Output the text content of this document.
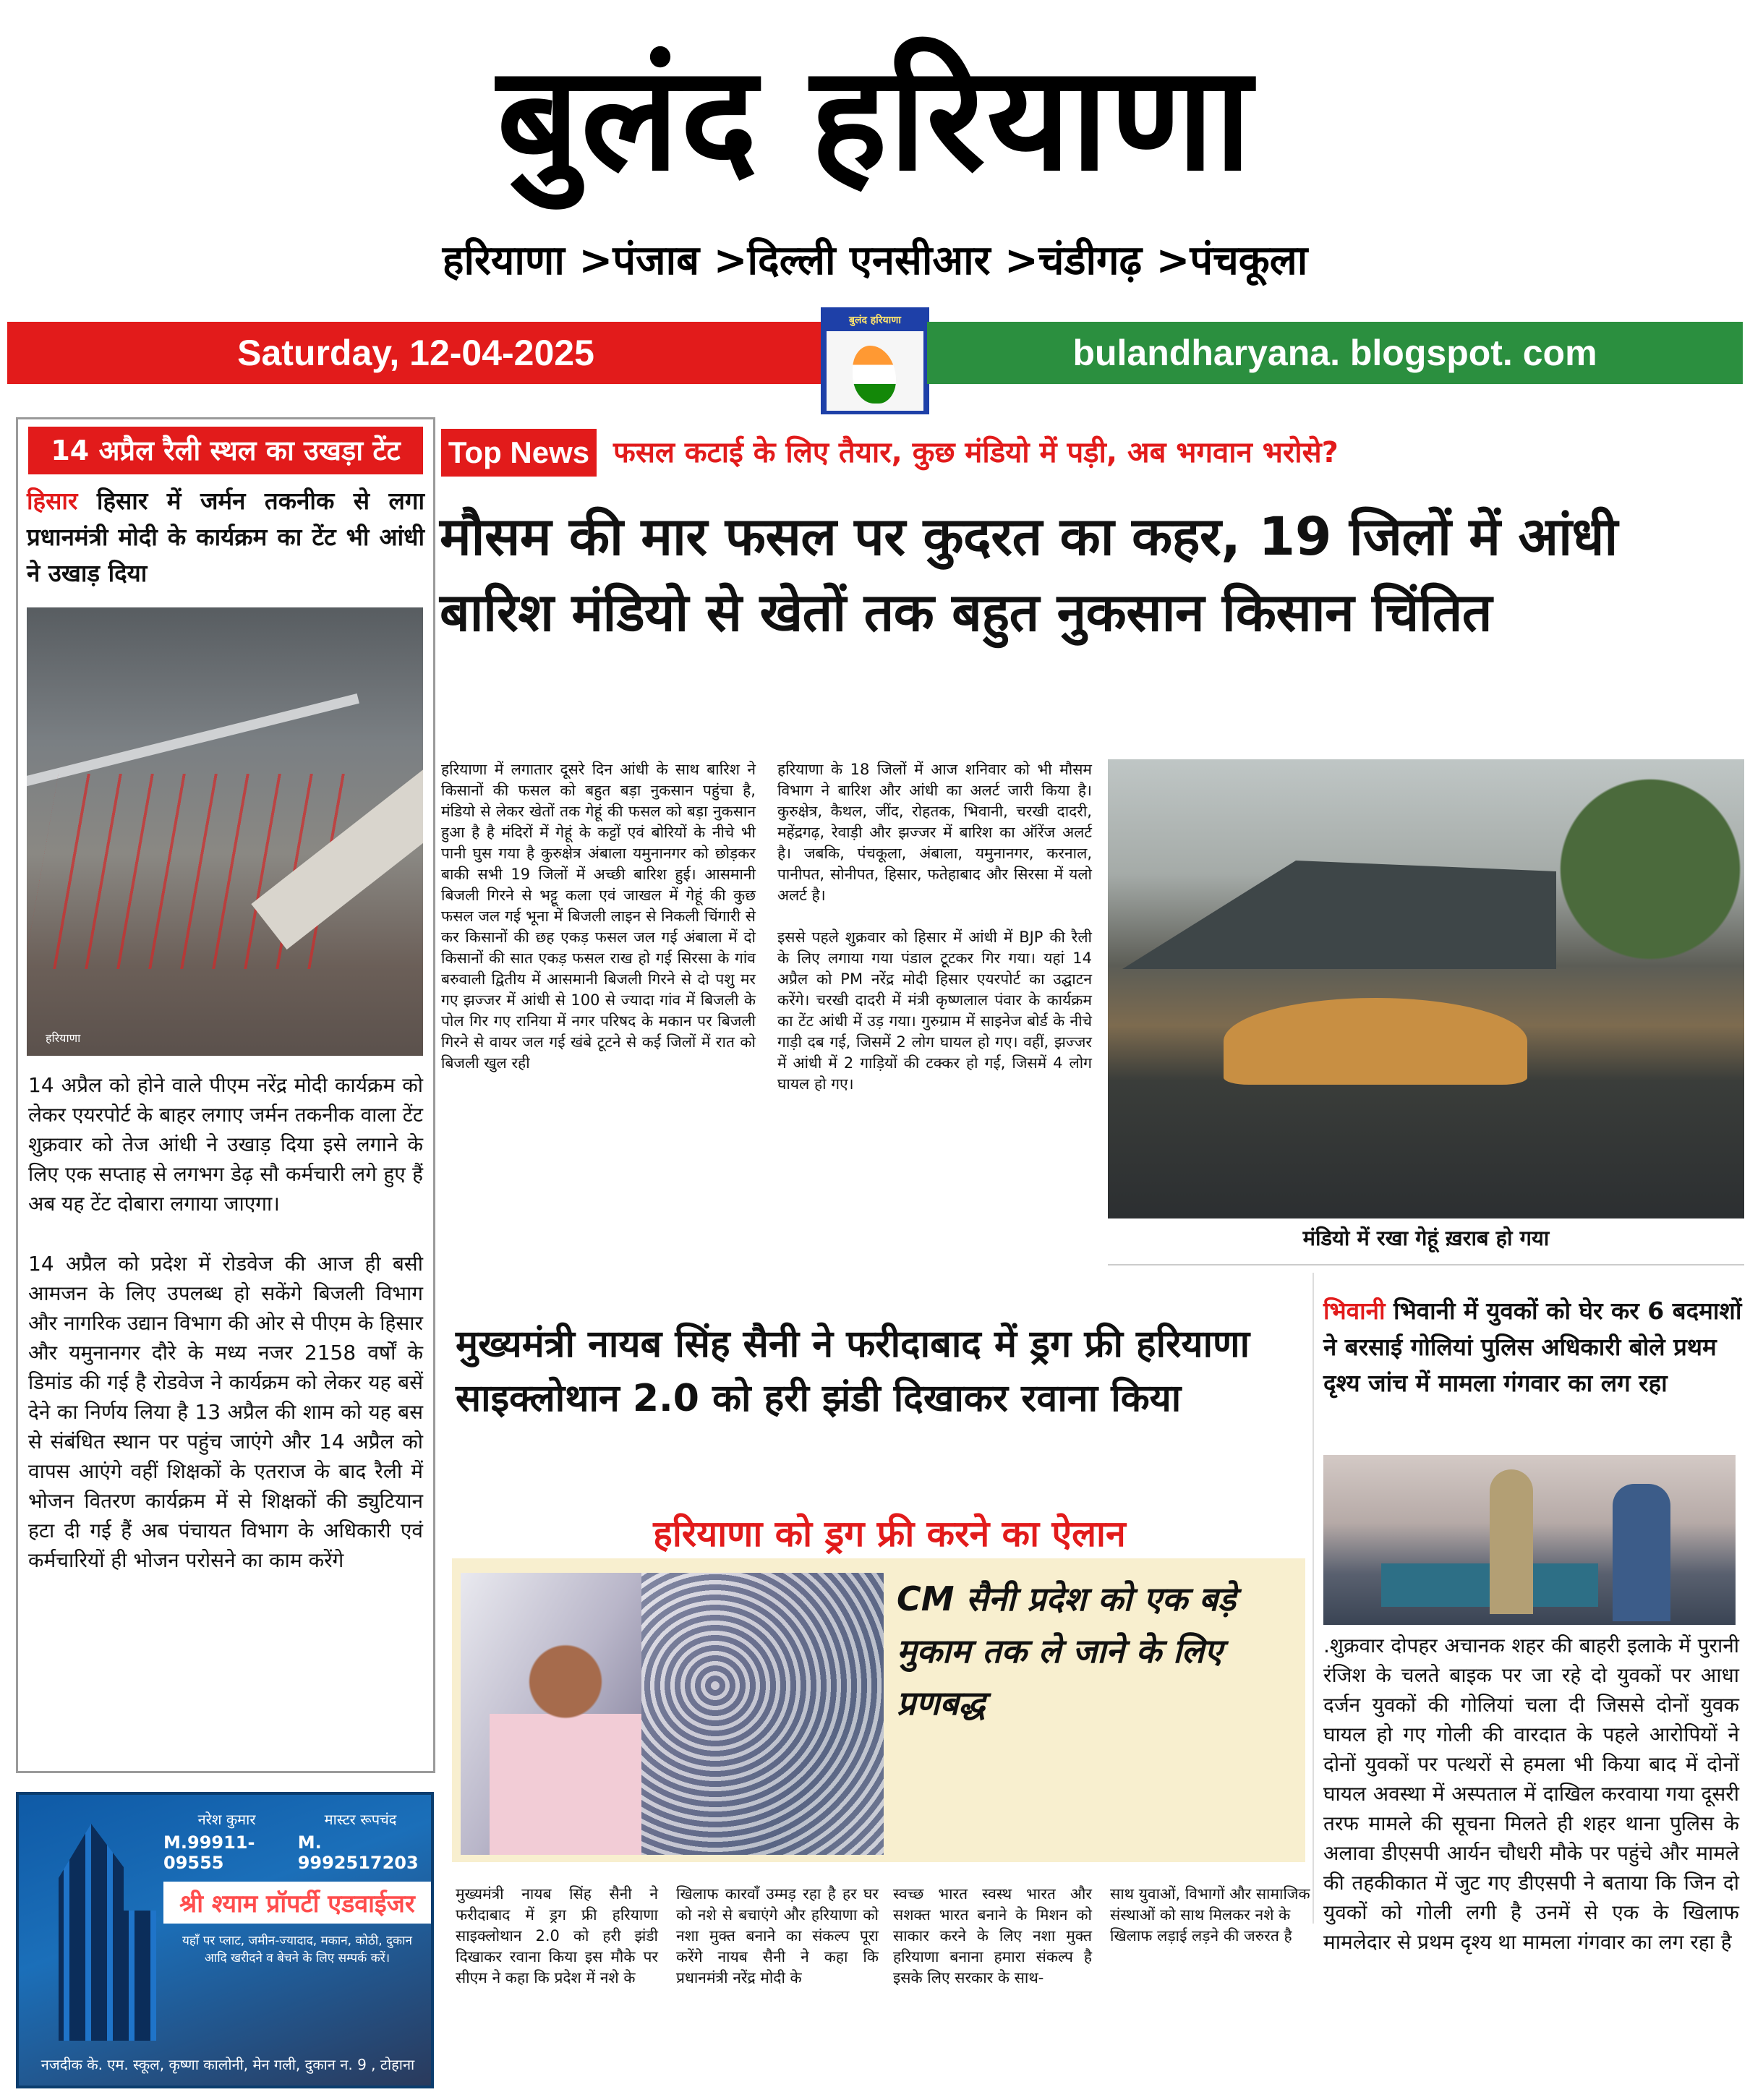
बुलंद हरियाणा
हरियाणा >पंजाब >दिल्ली एनसीआर >चंडीगढ़ >पंचकूला
Saturday, 12-04-2025
बुलंद हरियाणा
bulandharyana. blogspot. com
14 अप्रैल रैली स्थल का उखड़ा टेंट
हिसार हिसार में जर्मन तकनीक से लगा प्रधानमंत्री मोदी के कार्यक्रम का टेंट भी आंधी ने उखाड़ दिया
हरियाणा

14 अप्रैल को होने वाले पीएम नरेंद्र मोदी कार्यक्रम को लेकर एयरपोर्ट के बाहर लगाए जर्मन तकनीक वाला टेंट शुक्रवार को तेज आंधी ने उखाड़ दिया इसे लगाने के लिए एक सप्ताह से लगभग डेढ़ सौ कर्मचारी लगे हुए हैं अब यह टेंट दोबारा लगाया जाएगा।

14 अप्रैल को प्रदेश में रोडवेज की आज ही बसी आमजन के लिए उपलब्ध हो सकेंगे बिजली विभाग और नागरिक उद्यान विभाग की ओर से पीएम के हिसार और यमुनानगर दौरे के मध्य नजर 2158 वर्षों के डिमांड की गई है रोडवेज ने कार्यक्रम को लेकर यह बसें देने का निर्णय लिया है 13 अप्रैल की शाम को यह बस से संबंधित स्थान पर पहुंच जाएंगे और 14 अप्रैल को वापस आएंगे वहीं शिक्षकों के एतराज के बाद रैली में भोजन वितरण कार्यक्रम में से शिक्षकों की ड्युटियान हटा दी गई हैं अब पंचायत विभाग के अधिकारी एवं कर्मचारियों ही भोजन परोसने का काम करेंगे

नरेश कुमार	मास्टर रूपचंद
M.99911-09555
M. 9992517203
श्री श्याम प्रॉपर्टी एडवाईजर
यहाँ पर प्लाट, जमीन-ज्यादाद, मकान, कोठी, दुकान आदि खरीदने व बेचने के लिए सम्पर्क करें।
नजदीक के. एम. स्कूल, कृष्णा कालोनी, मेन गली, दुकान न. 9 , टोहाना
Top News फसल कटाई के लिए तैयार, कुछ मंडियो में पड़ी, अब भगवान भरोसे?
मौसम की मार फसल पर कुदरत का कहर, 19 जिलों में आंधी बारिश मंडियो से खेतों तक बहुत नुकसान किसान चिंतित
हरियाणा में लगातार दूसरे दिन आंधी के साथ बारिश ने किसानों की फसल को बहुत बड़ा नुकसान पहुंचा है, मंडियो से लेकर खेतों तक गेहूं की फसल को बड़ा नुकसान हुआ है है मंदिरों में गेहूं के कट्टों एवं बोरियों के नीचे भी पानी घुस गया है कुरुक्षेत्र अंबाला यमुनानगर को छोड़कर बाकी सभी 19 जिलों में अच्छी बारिश हुई। आसमानी बिजली गिरने से भट्टू कला एवं जाखल में गेहूं की कुछ फसल जल गई भूना में बिजली लाइन से निकली चिंगारी से कर किसानों की छह एकड़ फसल जल गई अंबाला में दो किसानों की सात एकड़ फसल राख हो गई सिरसा के गांव बरुवाली द्वितीय में आसमानी बिजली गिरने से दो पशु मर गए झज्जर में आंधी से 100 से ज्यादा गांव में बिजली के पोल गिर गए रानिया में नगर परिषद के मकान पर बिजली गिरने से वायर जल गई खंबे टूटने से कई जिलों में रात को बिजली खुल रही

हरियाणा के 18 जिलों में आज शनिवार को भी मौसम विभाग ने बारिश और आंधी का अलर्ट जारी किया है। कुरुक्षेत्र, कैथल, जींद, रोहतक, भिवानी, चरखी दादरी, महेंद्रगढ़, रेवाड़ी और झज्जर में बारिश का ऑरेंज अलर्ट है। जबकि, पंचकूला, अंबाला, यमुनानगर, करनाल, पानीपत, सोनीपत, हिसार, फतेहाबाद और सिरसा में यलो अलर्ट है।

इससे पहले शुक्रवार को हिसार में आंधी में BJP की रैली के लिए लगाया गया पंडाल टूटकर गिर गया। यहां 14 अप्रैल को PM नरेंद्र मोदी हिसार एयरपोर्ट का उद्घाटन करेंगे। चरखी दादरी में मंत्री कृष्णलाल पंवार के कार्यक्रम का टेंट आंधी में उड़ गया। गुरुग्राम में साइनेज बोर्ड के नीचे गाड़ी दब गई, जिसमें 2 लोग घायल हो गए। वहीं, झज्जर में आंधी में 2 गाड़ियों की टक्कर हो गई, जिसमें 4 लोग घायल हो गए।

मंडियो में रखा गेहूं ख़राब हो गया
मुख्यमंत्री नायब सिंह सैनी ने फरीदाबाद में ड्रग फ्री हरियाणा साइक्लोथान 2.0 को हरी झंडी दिखाकर रवाना किया
हरियाणा को ड्रग फ्री करने का ऐलान
CM सैनी प्रदेश को एक बड़े मुकाम तक ले जाने के लिए प्रणबद्ध
मुख्यमंत्री नायब सिंह सैनी ने फरीदाबाद में ड्रग फ्री हरियाणा साइक्लोथान 2.0 को हरी झंडी दिखाकर रवाना किया इस मौके पर सीएम ने कहा कि प्रदेश में नशे के
खिलाफ कारवाँ उम्मड़ रहा है हर घर को नशे से बचाएंगे और हरियाणा को नशा मुक्त बनाने का संकल्प पूरा करेंगे नायब सैनी ने कहा कि प्रधानमंत्री नरेंद्र मोदी के
स्वच्छ भारत स्वस्थ भारत और सशक्त भारत बनाने के मिशन को साकार करने के लिए नशा मुक्त हरियाणा बनाना हमारा संकल्प है इसके लिए सरकार के साथ-
साथ युवाओं, विभागों और सामाजिक संस्थाओं को साथ मिलकर नशे के खिलाफ लड़ाई लड़ने की जरुरत है
भिवानी भिवानी में युवकों को घेर कर 6 बदमाशों ने बरसाई गोलियां पुलिस अधिकारी बोले प्रथम दृश्य जांच में मामला गंगवार का लग रहा
.शुक्रवार दोपहर अचानक शहर की बाहरी इलाके में पुरानी रंजिश के चलते बाइक पर जा रहे दो युवकों पर आधा दर्जन युवकों की गोलियां चला दी जिससे दोनों युवक घायल हो गए गोली की वारदात के पहले आरोपियों ने दोनों युवकों पर पत्थरों से हमला भी किया बाद में दोनों घायल अवस्था में अस्पताल में दाखिल करवाया गया दूसरी तरफ मामले की सूचना मिलते ही शहर थाना पुलिस के अलावा डीएसपी आर्यन चौधरी मौके पर पहुंचे और मामले की तहकीकात में जुट गए डीएसपी ने बताया कि जिन दो युवकों को गोली लगी है उनमें से एक के खिलाफ मामलेदार से प्रथम दृश्य था मामला गंगवार का लग रहा है
